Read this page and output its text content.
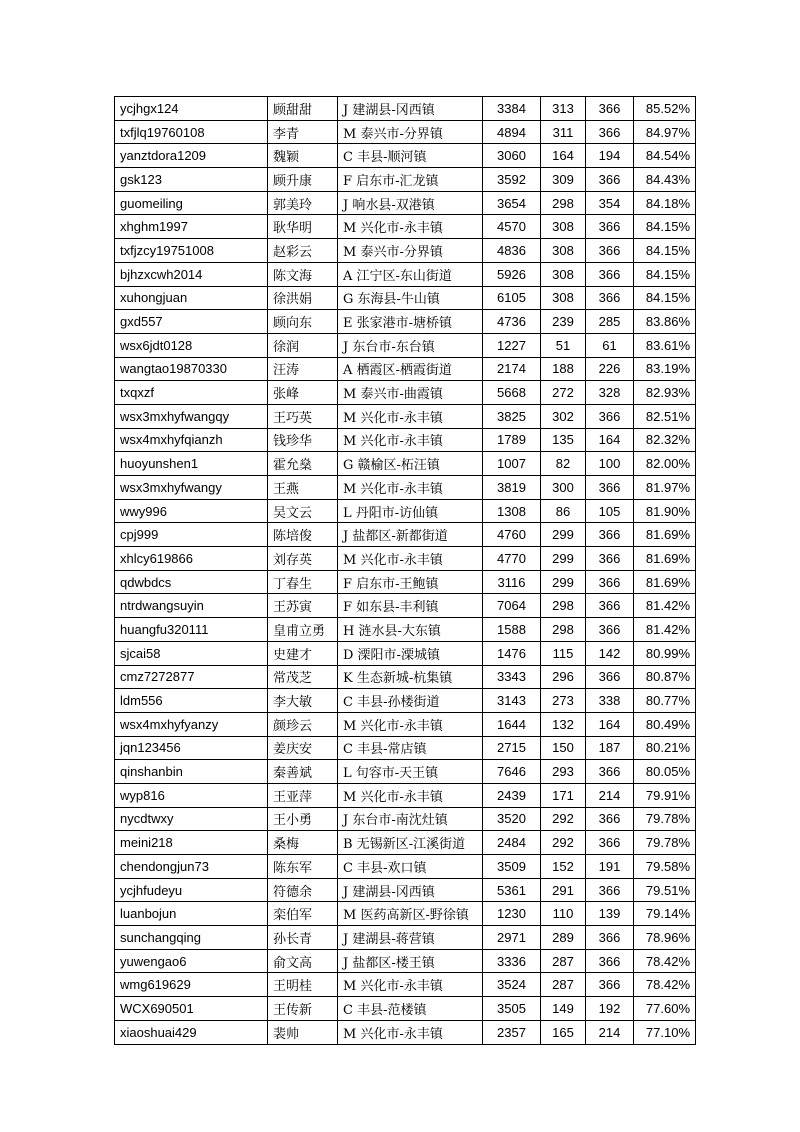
ycjhgx124	顾甜甜	J 建湖县-冈西镇	3384	313	366	85.52%
txfjlq19760108	李青	M 泰兴市-分界镇	4894	311	366	84.97%
yanztdora1209	魏颖	C 丰县-顺河镇	3060	164	194	84.54%
gsk123	顾升康	F 启东市-汇龙镇	3592	309	366	84.43%
guomeiling	郭美玲	J 响水县-双港镇	3654	298	354	84.18%
xhghm1997	耿华明	M 兴化市-永丰镇	4570	308	366	84.15%
txfjzcy19751008	赵彩云	M 泰兴市-分界镇	4836	308	366	84.15%
bjhzxcwh2014	陈文海	A 江宁区-东山街道	5926	308	366	84.15%
xuhongjuan	徐洪娟	G 东海县-牛山镇	6105	308	366	84.15%
gxd557	顾向东	E 张家港市-塘桥镇	4736	239	285	83.86%
wsx6jdt0128	徐润	J 东台市-东台镇	1227	51	61	83.61%
wangtao19870330	汪涛	A 栖霞区-栖霞街道	2174	188	226	83.19%
txqxzf	张峰	M 泰兴市-曲霞镇	5668	272	328	82.93%
wsx3mxhyfwangqy	王巧英	M 兴化市-永丰镇	3825	302	366	82.51%
wsx4mxhyfqianzh	钱珍华	M 兴化市-永丰镇	1789	135	164	82.32%
huoyunshen1	霍允燊	G 赣榆区-柘汪镇	1007	82	100	82.00%
wsx3mxhyfwangy	王燕	M 兴化市-永丰镇	3819	300	366	81.97%
wwy996	吴文云	L 丹阳市-访仙镇	1308	86	105	81.90%
cpj999	陈培俊	J 盐都区-新都街道	4760	299	366	81.69%
xhlcy619866	刘存英	M 兴化市-永丰镇	4770	299	366	81.69%
qdwbdcs	丁春生	F 启东市-王鲍镇	3116	299	366	81.69%
ntrdwangsuyin	王苏寅	F 如东县-丰利镇	7064	298	366	81.42%
huangfu320111	皇甫立勇	H 涟水县-大东镇	1588	298	366	81.42%
sjcai58	史建才	D 溧阳市-溧城镇	1476	115	142	80.99%
cmz7272877	常茂芝	K 生态新城-杭集镇	3343	296	366	80.87%
ldm556	李大敏	C 丰县-孙楼街道	3143	273	338	80.77%
wsx4mxhyfyanzy	颜珍云	M 兴化市-永丰镇	1644	132	164	80.49%
jqn123456	姜庆安	C 丰县-常店镇	2715	150	187	80.21%
qinshanbin	秦善斌	L 句容市-天王镇	7646	293	366	80.05%
wyp816	王亚萍	M 兴化市-永丰镇	2439	171	214	79.91%
nycdtwxy	王小勇	J 东台市-南沈灶镇	3520	292	366	79.78%
meini218	桑梅	B 无锡新区-江溪街道	2484	292	366	79.78%
chendongjun73	陈东军	C 丰县-欢口镇	3509	152	191	79.58%
ycjhfudeyu	符德余	J 建湖县-冈西镇	5361	291	366	79.51%
luanbojun	栾伯军	M 医药高新区-野徐镇	1230	110	139	79.14%
sunchangqing	孙长青	J 建湖县-蒋营镇	2971	289	366	78.96%
yuwengao6	俞文高	J 盐都区-楼王镇	3336	287	366	78.42%
wmg619629	王明桂	M 兴化市-永丰镇	3524	287	366	78.42%
WCX690501	王传新	C 丰县-范楼镇	3505	149	192	77.60%
xiaoshuai429	裴帅	M 兴化市-永丰镇	2357	165	214	77.10%
